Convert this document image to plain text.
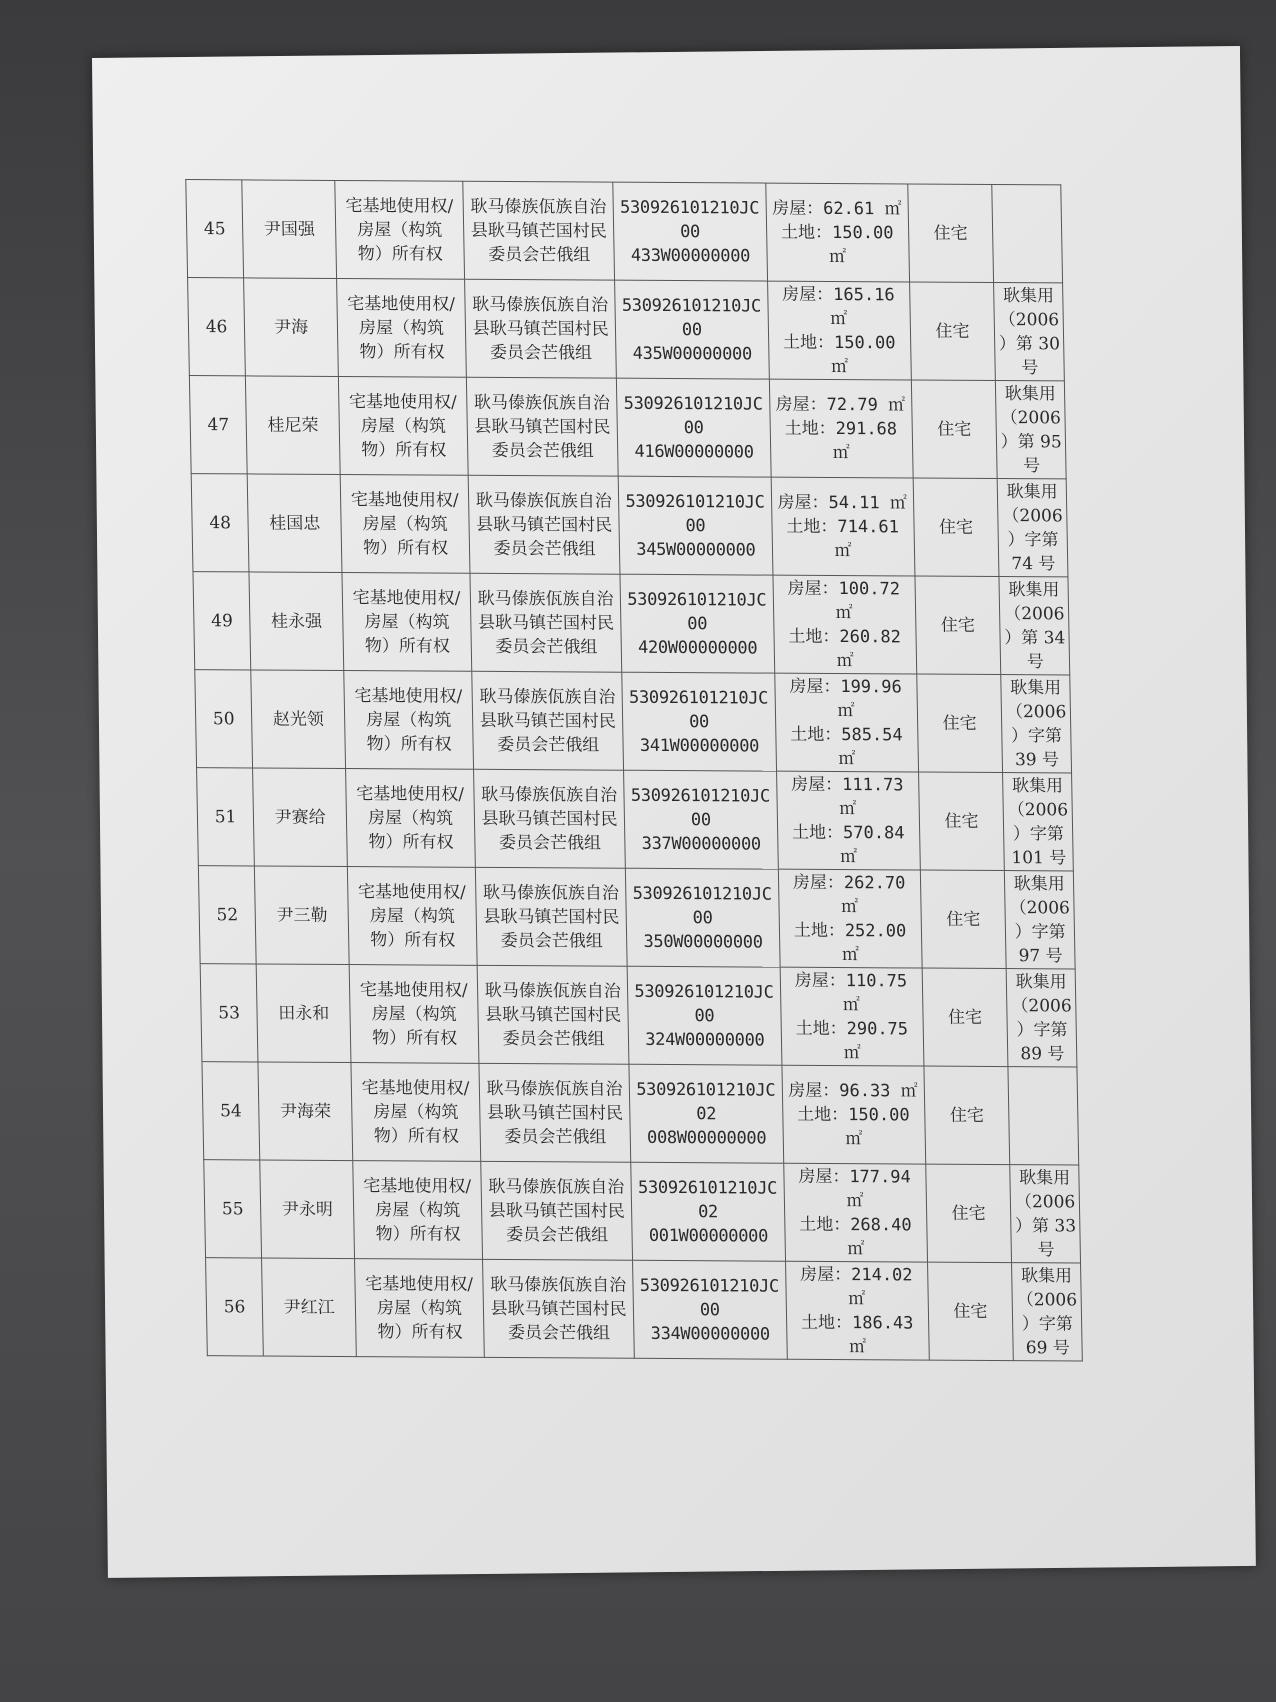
45	尹国强	宅基地使用权/
房屋（构筑
物）所有权	耿马傣族佤族自治
县耿马镇芒国村民
委员会芒俄组	530926101210JC00
433W00000000	房屋：62.61 ㎡
土地：150.00 ㎡	住宅	
46	尹海	宅基地使用权/
房屋（构筑
物）所有权	耿马傣族佤族自治
县耿马镇芒国村民
委员会芒俄组	530926101210JC00
435W00000000	房屋：165.16 ㎡
土地：150.00 ㎡	住宅	耿集用
（2006
）第 30
号
47	桂尼荣	宅基地使用权/
房屋（构筑
物）所有权	耿马傣族佤族自治
县耿马镇芒国村民
委员会芒俄组	530926101210JC00
416W00000000	房屋：72.79 ㎡
土地：291.68 ㎡	住宅	耿集用
（2006
）第 95
号
48	桂国忠	宅基地使用权/
房屋（构筑
物）所有权	耿马傣族佤族自治
县耿马镇芒国村民
委员会芒俄组	530926101210JC00
345W00000000	房屋：54.11 ㎡
土地：714.61 ㎡	住宅	耿集用
（2006
）字第
74 号
49	桂永强	宅基地使用权/
房屋（构筑
物）所有权	耿马傣族佤族自治
县耿马镇芒国村民
委员会芒俄组	530926101210JC00
420W00000000	房屋：100.72 ㎡
土地：260.82 ㎡	住宅	耿集用
（2006
）第 34
号
50	赵光领	宅基地使用权/
房屋（构筑
物）所有权	耿马傣族佤族自治
县耿马镇芒国村民
委员会芒俄组	530926101210JC00
341W00000000	房屋：199.96 ㎡
土地：585.54 ㎡	住宅	耿集用
（2006
）字第
39 号
51	尹赛给	宅基地使用权/
房屋（构筑
物）所有权	耿马傣族佤族自治
县耿马镇芒国村民
委员会芒俄组	530926101210JC00
337W00000000	房屋：111.73 ㎡
土地：570.84 ㎡	住宅	耿集用
（2006
）字第
101 号
52	尹三勒	宅基地使用权/
房屋（构筑
物）所有权	耿马傣族佤族自治
县耿马镇芒国村民
委员会芒俄组	530926101210JC00
350W00000000	房屋：262.70 ㎡
土地：252.00 ㎡	住宅	耿集用
（2006
）字第
97 号
53	田永和	宅基地使用权/
房屋（构筑
物）所有权	耿马傣族佤族自治
县耿马镇芒国村民
委员会芒俄组	530926101210JC00
324W00000000	房屋：110.75 ㎡
土地：290.75 ㎡	住宅	耿集用
（2006
）字第
89 号
54	尹海荣	宅基地使用权/
房屋（构筑
物）所有权	耿马傣族佤族自治
县耿马镇芒国村民
委员会芒俄组	530926101210JC02
008W00000000	房屋：96.33 ㎡
土地：150.00 ㎡	住宅	
55	尹永明	宅基地使用权/
房屋（构筑
物）所有权	耿马傣族佤族自治
县耿马镇芒国村民
委员会芒俄组	530926101210JC02
001W00000000	房屋：177.94 ㎡
土地：268.40 ㎡	住宅	耿集用
（2006
）第 33
号
56	尹红江	宅基地使用权/
房屋（构筑
物）所有权	耿马傣族佤族自治
县耿马镇芒国村民
委员会芒俄组	530926101210JC00
334W00000000	房屋：214.02 ㎡
土地：186.43 ㎡	住宅	耿集用
（2006
）字第
69 号
